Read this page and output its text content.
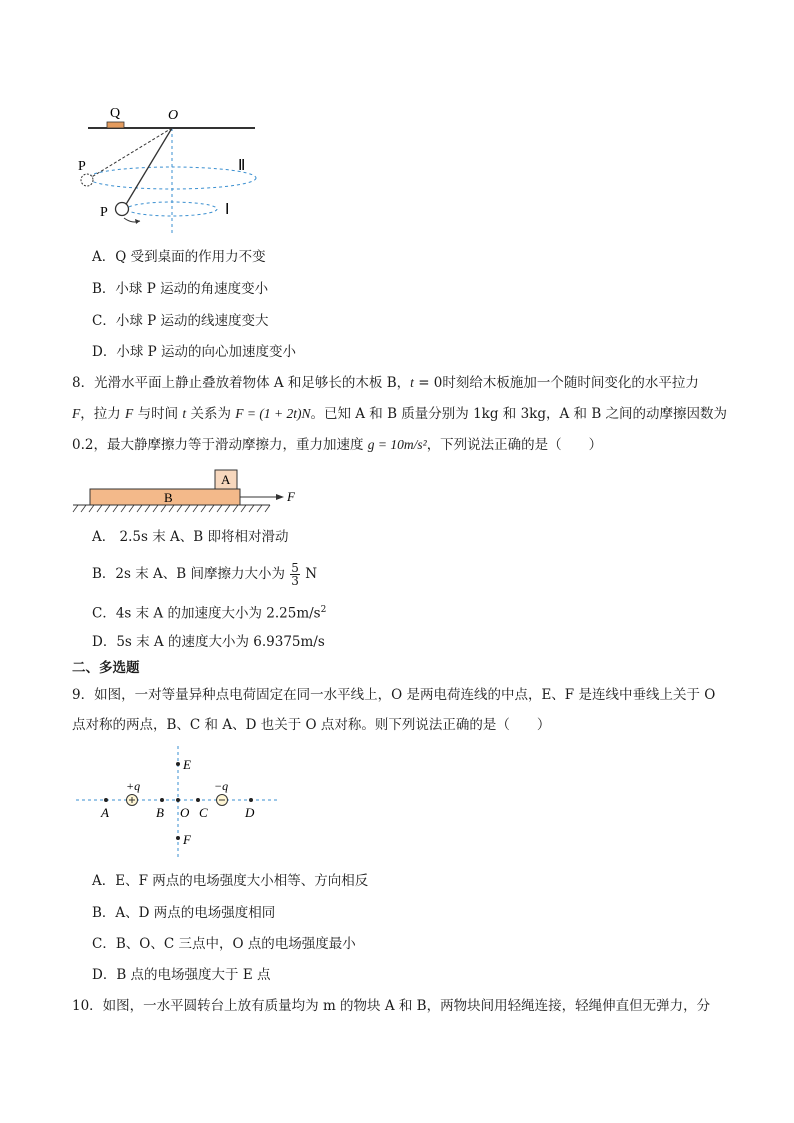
Q	O
P
P
Ⅱ
Ⅰ
A．Q 受到桌面的作用力不变
B．小球 P 运动的角速度变小
C．小球 P 运动的线速度变大
D．小球 P 运动的向心加速度变小
8．光滑水平面上静止叠放着物体 A 和足够长的木板 B，t = 0时刻给木板施加一个随时间变化的水平拉力
F，拉力 F 与时间 t 关系为 F = (1 + 2t)N。已知 A 和 B 质量分别为 1kg 和 3kg，A 和 B 之间的动摩擦因数为
0.2，最大静摩擦力等于滑动摩擦力，重力加速度 g = 10m/s²，下列说法正确的是（　　）
A
B	F
A． 2.5s 末 A、B 即将相对滑动
B．2s 末 A、B 间摩擦力大小为 $\frac{5}{3}$ N
C．4s 末 A 的加速度大小为 $2.25m/s^2$
D．5s 末 A 的速度大小为 6.9375m/s
二、多选题
9．如图，一对等量异种点电荷固定在同一水平线上，O 是两电荷连线的中点，E、F 是连线中垂线上关于 O
点对称的两点，B、C 和 A、D 也关于 O 点对称。则下列说法正确的是（　　）
E
F
A	B O C	D
+q	−q
A．E、F 两点的电场强度大小相等、方向相反
B．A、D 两点的电场强度相同
C．B、O、C 三点中，O 点的电场强度最小
D．B 点的电场强度大于 E 点
10．如图，一水平圆转台上放有质量均为 m 的物块 A 和 B，两物块间用轻绳连接，轻绳伸直但无弹力，分
